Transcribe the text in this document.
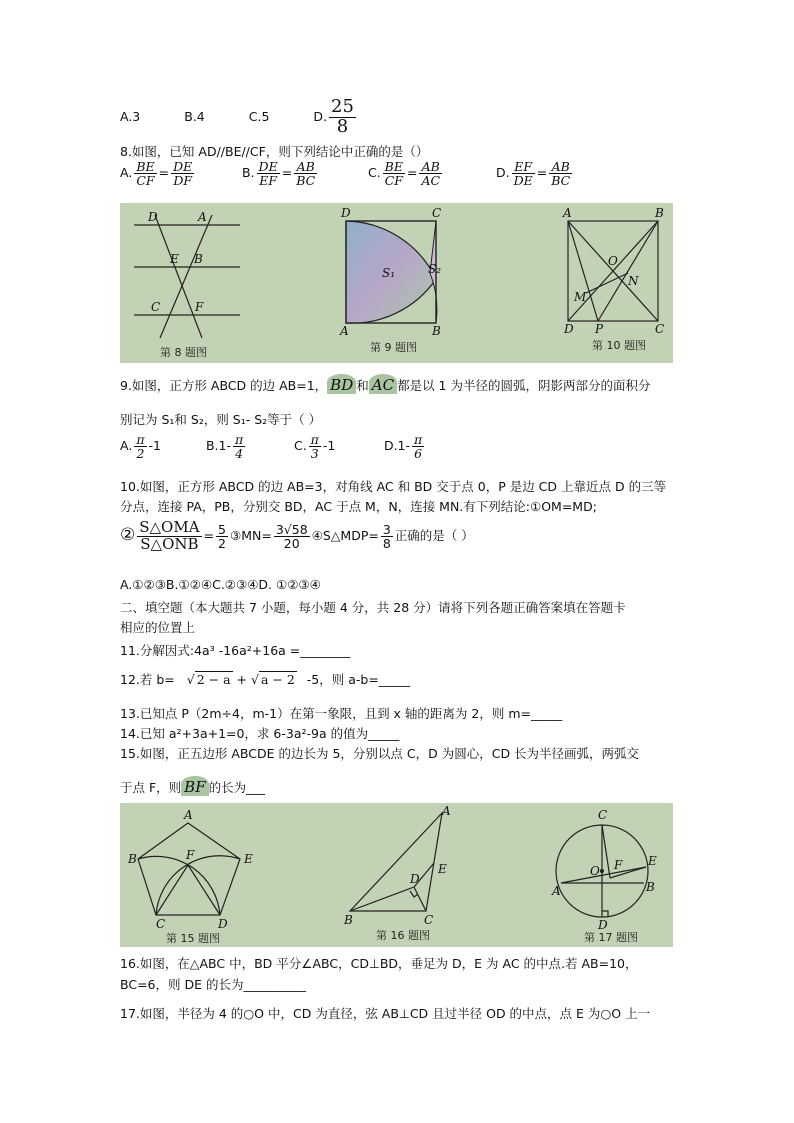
A.3	B.4	C.5	D. $\frac{25}{8}$
8.如图，已知 AD//BE//CF，则下列结论中正确的是（）
A. $\frac{BE}{CF} = \frac{DE}{DF}$	B. $\frac{DE}{EF} = \frac{AB}{BC}$	C. $\frac{BE}{CF} = \frac{AB}{AC}$	D. $\frac{EF}{DE} = \frac{AB}{BC}$
D	A
E B
C	F
第 8 题图
D	C
A	B
S₁	S₂
第 9 题图
A	B
O
N
M
D P	C
第 10 题图
9.如图，正方形 ABCD 的边 AB=1， BD 和 AC 都是以 1 为半径的圆弧，阴影两部分的面积分
别记为 S₁和 S₂，则 S₁- S₂等于（ ）
A. $\frac{\pi}{2} -1$	$B.1- \frac{\pi}{4}$	C. $\frac{\pi}{3} -1$	$D.1- \frac{\pi}{6}$
10.如图，正方形 ABCD 的边 AB=3，对角线 AC 和 BD 交于点 0，P 是边 CD 上靠近点 D 的三等
分点，连接 PA，PB，分别交 BD，AC 于点 M，N，连接 MN.有下列结论:①OM=MD;
② $\frac{\text{S△OMA}}{\text{S△ONB}} = \frac{5}{2}$ ③MN= $\frac{3√58}{20}$ ④S△MDP= $\frac{3}{8}$ 正确的是（ ）
A.①②③B.①②④C.②③④D. ①②③④
二、填空题（本大题共 7 小题，每小题 4 分，共 28 分）请将下列各题正确答案填在答题卡
相应的位置上
11.分解因式:4a³ -16a²+16a =________
12.若 b= √ 2 − a + √ a − 2 -5，则 a-b=_____
13.已知点 P（2m÷4，m-1）在第一象限，且到 x 轴的距离为 2，则 m=_____
14.已知 a²+3a+1=0，求 6-3a²-9a 的值为_____
15.如图，正五边形 ABCDE 的边长为 5，分别以点 C，D 为圆心，CD 长为半径画弧，两弧交
于点 F，则 BF 的长为___
A
B	E
F
C	D
第 15 题图
A
E
D
B	C
第 16 题图
C
F
O
E
A	B
D
第 17 题图
16.如图，在△ABC 中，BD 平分∠ABC，CD⊥BD，垂足为 D，E 为 AC 的中点.若 AB=10，
BC=6，则 DE 的长为__________
17.如图，半径为 4 的○O 中，CD 为直径，弦 AB⊥CD 且过半径 OD 的中点，点 E 为○O 上一
